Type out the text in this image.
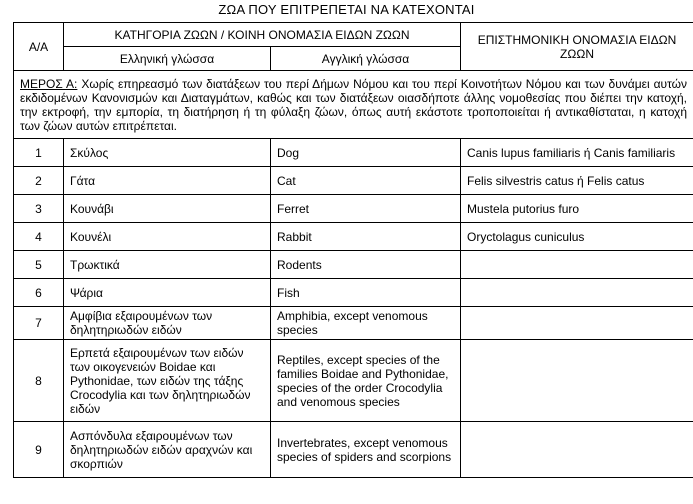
ΖΩΑ ΠΟΥ ΕΠΙΤΡΕΠΕΤΑΙ ΝΑ ΚΑΤΕΧΟΝΤΑΙ
Α/Α	ΚΑΤΗΓΟΡΙΑ ΖΩΩΝ / ΚΟΙΝΗ ΟΝΟΜΑΣΙΑ ΕΙΔΩΝ ΖΩΩΝ		ΕΠΙΣΤΗΜΟΝΙΚΗ ΟΝΟΜΑΣΙΑ ΕΙΔΩΝ ΖΩΩΝ
	Ελληνική γλώσσα	Αγγλική γλώσσα	
ΜΕΡΟΣ Α: Χωρίς επηρεασμό των διατάξεων του περί Δήμων Νόμου και του περί Κοινοτήτων Νόμου και των δυνάμει αυτών εκδιδομένων Κανονισμών και Διαταγμάτων, καθώς και των διατάξεων οιασδήποτε άλλης νομοθεσίας που διέπει την κατοχή, την εκτροφή, την εμπορία, τη διατήρηση ή τη φύλαξη ζώων, όπως αυτή εκάστοτε τροποποιείται ή αντικαθίσταται, η κατοχή των ζώων αυτών επιτρέπεται.			
1	Σκύλος	Dog	Canis lupus familiaris ή Canis familiaris
2	Γάτα	Cat	Felis silvestris catus ή Felis catus
3	Κουνάβι	Ferret	Mustela putorius furo
4	Κουνέλι	Rabbit	Oryctolagus cuniculus
5	Τρωκτικά	Rodents	
6	Ψάρια	Fish	
7	Αμφίβια εξαιρουμένων των δηλητηριωδών ειδών	Amphibia, except venomous species	
8	Ερπετά εξαιρουμένων των ειδών των οικογενειών Boidae και Pythonidae, των ειδών της τάξης Crocodylia και των δηλητηριωδών ειδών	Reptiles, except species of the families Boidae and Pythonidae, species of the order Crocodylia and venomous species	
9	Ασπόνδυλα εξαιρουμένων των δηλητηριωδών ειδών αραχνών και σκορπιών	Invertebrates, except venomous species of spiders and scorpions	
